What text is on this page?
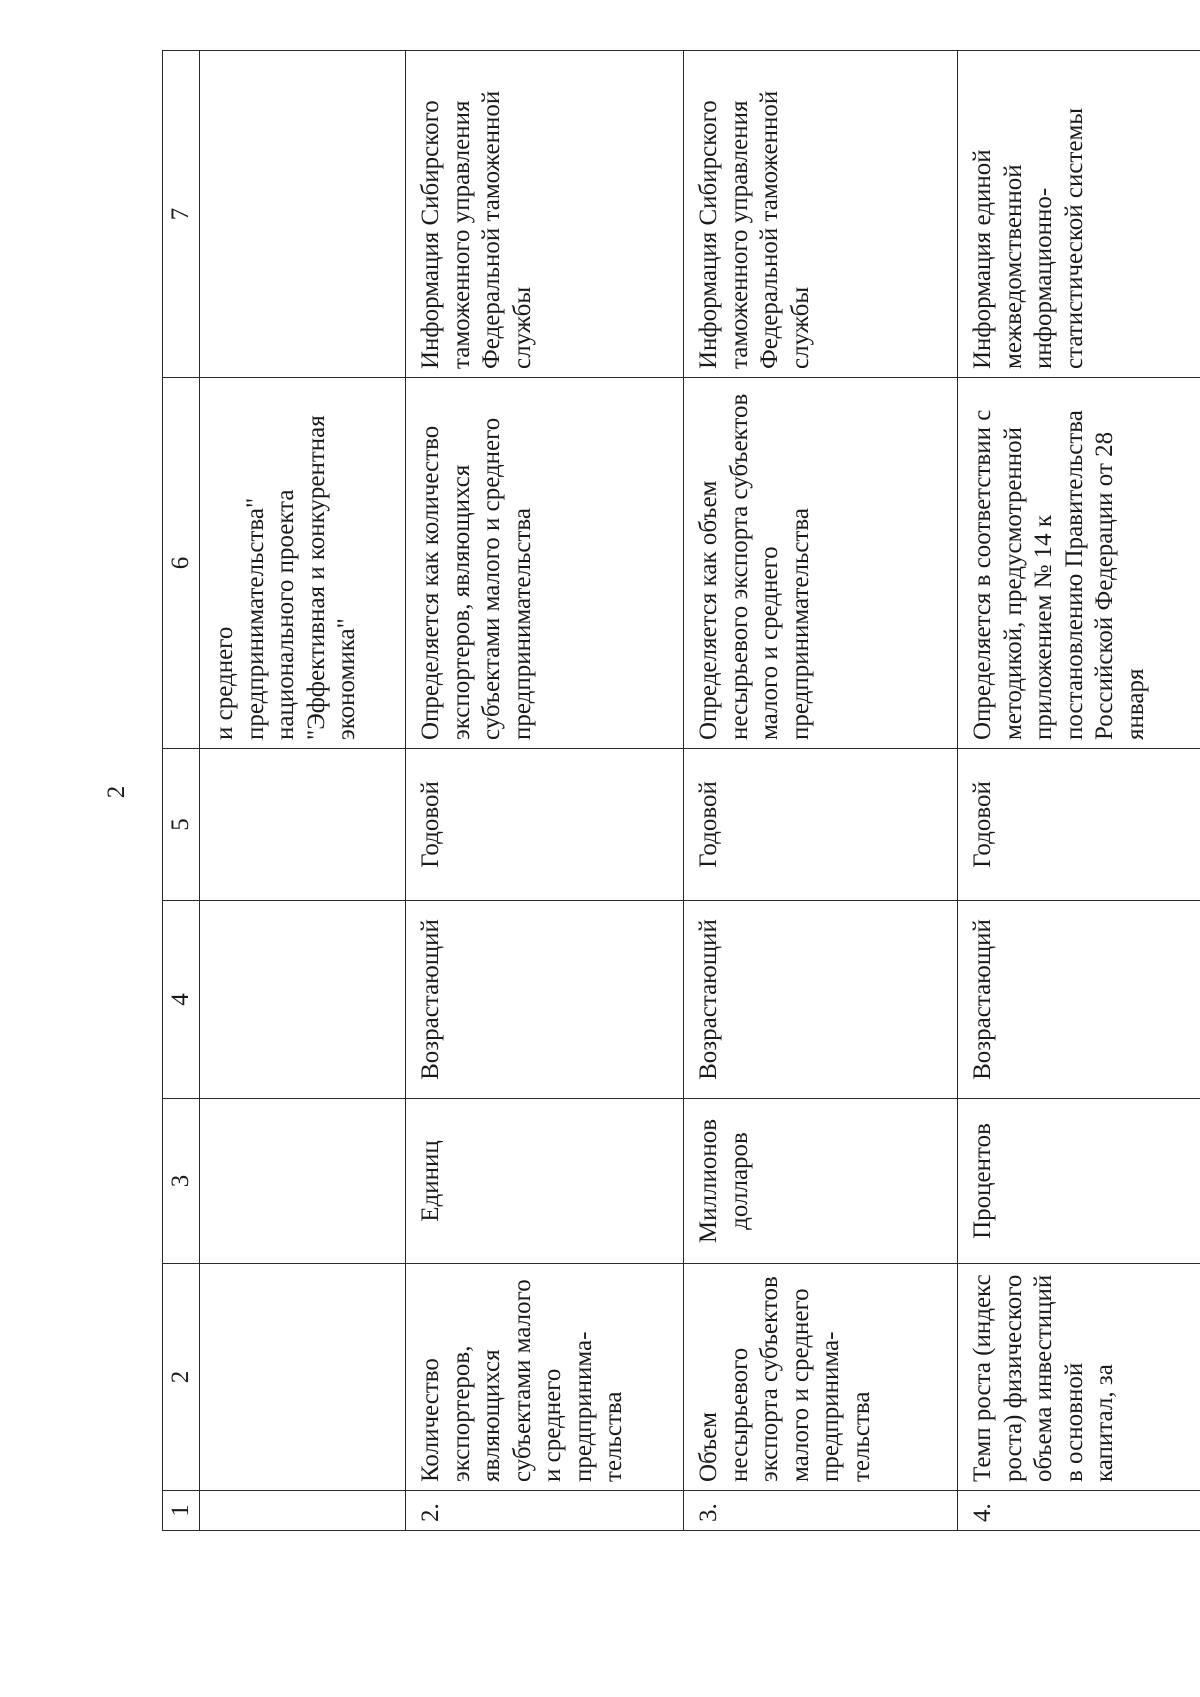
2
1	2	3	4	5	6	7
					и среднего предпринимательства" национального проекта "Эффективная и конкурентная экономика"	
2.	Количество экспортеров, являющихся субъектами малого и среднего предпринима-тельства	Единиц	Возрастающий	Годовой	Определяется как количество экспортеров, являющихся субъектами малого и среднего предпринимательства	Информация Сибирского таможенного управления Федеральной таможенной службы
3.	Объем несырьевого экспорта субъектов малого и среднего предпринима-тельства	Миллионов долларов	Возрастающий	Годовой	Определяется как объем несырьевого экспорта субъектов малого и среднего предпринимательства	Информация Сибирского таможенного управления Федеральной таможенной службы
4.	Темп роста (индекс роста) физического объема инвестиций в основной капитал, за	Процентов	Возрастающий	Годовой	Определяется в соответствии с методикой, предусмотренной приложением № 14 к постановлению Правительства Российской Федерации от 28 января	Информация единой межведомственной информационно-статистической системы
